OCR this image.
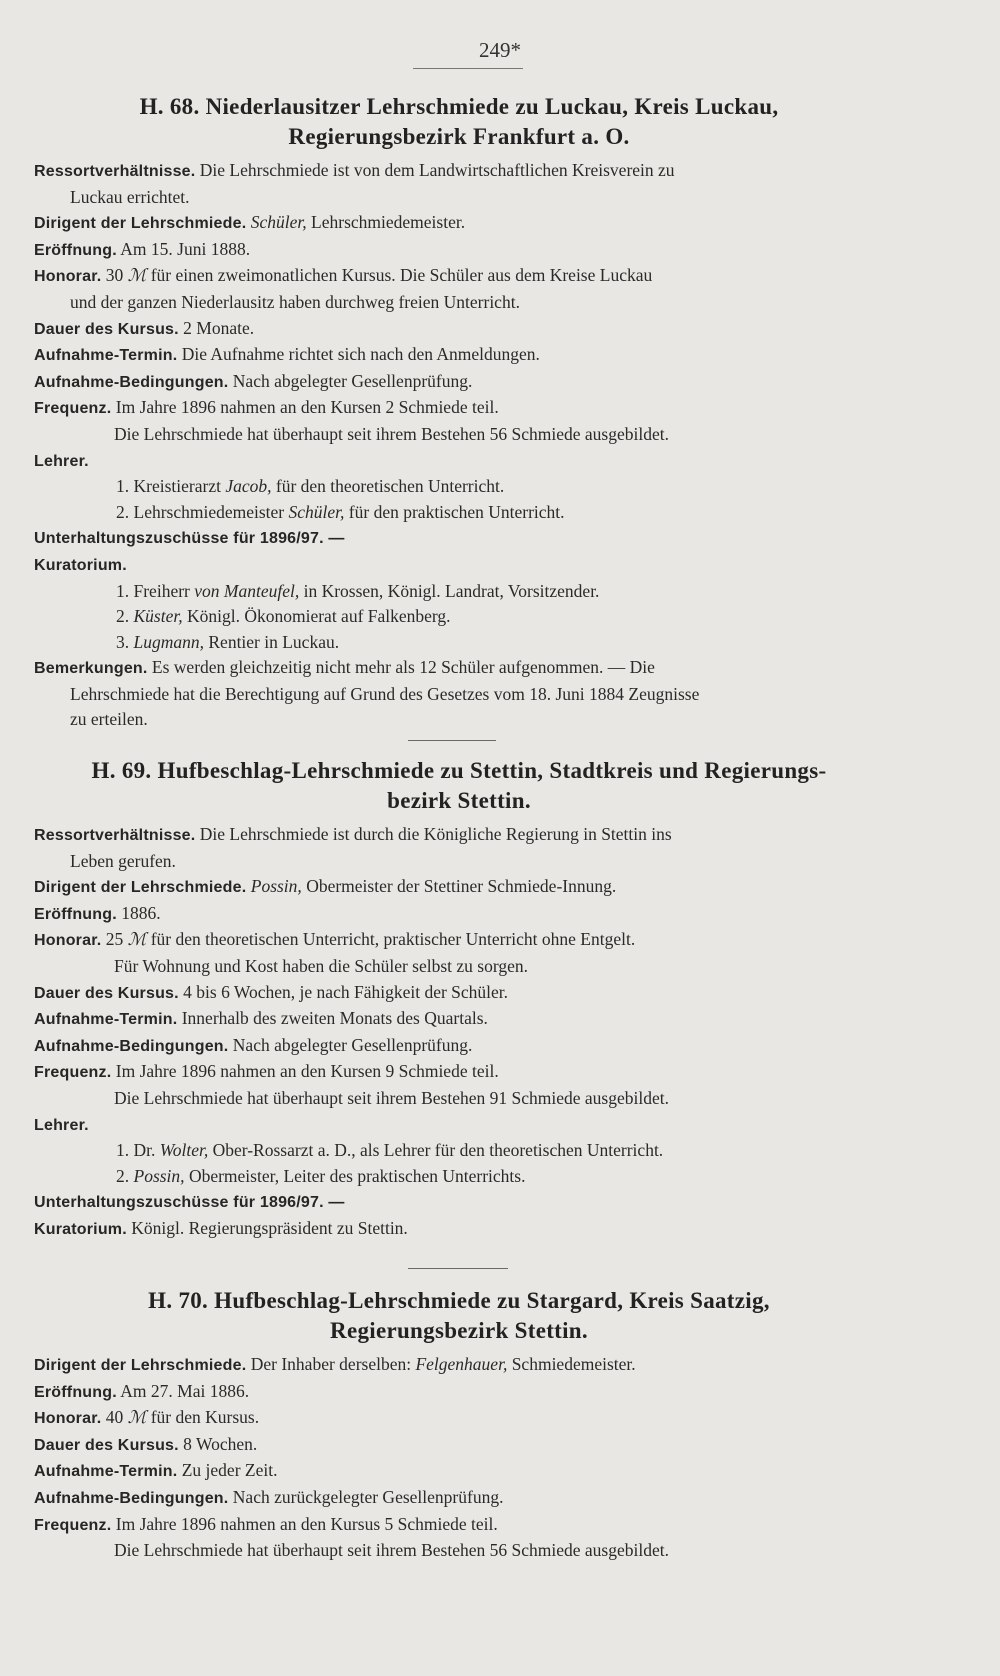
249*
H. 68. Niederlausitzer Lehrschmiede zu Luckau, Kreis Luckau,
Regierungsbezirk Frankfurt a. O.
Ressortverhältnisse. Die Lehrschmiede ist von dem Landwirtschaftlichen Kreisverein zu
Luckau errichtet.
Dirigent der Lehrschmiede. Schüler, Lehrschmiedemeister.
Eröffnung. Am 15. Juni 1888.
Honorar. 30 ℳ für einen zweimonatlichen Kursus. Die Schüler aus dem Kreise Luckau
und der ganzen Niederlausitz haben durchweg freien Unterricht.
Dauer des Kursus. 2 Monate.
Aufnahme-Termin. Die Aufnahme richtet sich nach den Anmeldungen.
Aufnahme-Bedingungen. Nach abgelegter Gesellenprüfung.
Frequenz. Im Jahre 1896 nahmen an den Kursen 2 Schmiede teil.
Die Lehrschmiede hat überhaupt seit ihrem Bestehen 56 Schmiede ausgebildet.
Lehrer.
1. Kreistierarzt Jacob, für den theoretischen Unterricht.
2. Lehrschmiedemeister Schüler, für den praktischen Unterricht.
Unterhaltungszuschüsse für 1896/97. —
Kuratorium.
1. Freiherr von Manteufel, in Krossen, Königl. Landrat, Vorsitzender.
2. Küster, Königl. Ökonomierat auf Falkenberg.
3. Lugmann, Rentier in Luckau.
Bemerkungen. Es werden gleichzeitig nicht mehr als 12 Schüler aufgenommen. — Die
Lehrschmiede hat die Berechtigung auf Grund des Gesetzes vom 18. Juni 1884 Zeugnisse
zu erteilen.
H. 69. Hufbeschlag-Lehrschmiede zu Stettin, Stadtkreis und Regierungs-
bezirk Stettin.
Ressortverhältnisse. Die Lehrschmiede ist durch die Königliche Regierung in Stettin ins
Leben gerufen.
Dirigent der Lehrschmiede. Possin, Obermeister der Stettiner Schmiede-Innung.
Eröffnung. 1886.
Honorar. 25 ℳ für den theoretischen Unterricht, praktischer Unterricht ohne Entgelt.
Für Wohnung und Kost haben die Schüler selbst zu sorgen.
Dauer des Kursus. 4 bis 6 Wochen, je nach Fähigkeit der Schüler.
Aufnahme-Termin. Innerhalb des zweiten Monats des Quartals.
Aufnahme-Bedingungen. Nach abgelegter Gesellenprüfung.
Frequenz. Im Jahre 1896 nahmen an den Kursen 9 Schmiede teil.
Die Lehrschmiede hat überhaupt seit ihrem Bestehen 91 Schmiede ausgebildet.
Lehrer.
1. Dr. Wolter, Ober-Rossarzt a. D., als Lehrer für den theoretischen Unterricht.
2. Possin, Obermeister, Leiter des praktischen Unterrichts.
Unterhaltungszuschüsse für 1896/97. —
Kuratorium. Königl. Regierungspräsident zu Stettin.
H. 70. Hufbeschlag-Lehrschmiede zu Stargard, Kreis Saatzig,
Regierungsbezirk Stettin.
Dirigent der Lehrschmiede. Der Inhaber derselben: Felgenhauer, Schmiedemeister.
Eröffnung. Am 27. Mai 1886.
Honorar. 40 ℳ für den Kursus.
Dauer des Kursus. 8 Wochen.
Aufnahme-Termin. Zu jeder Zeit.
Aufnahme-Bedingungen. Nach zurückgelegter Gesellenprüfung.
Frequenz. Im Jahre 1896 nahmen an den Kursus 5 Schmiede teil.
Die Lehrschmiede hat überhaupt seit ihrem Bestehen 56 Schmiede ausgebildet.
